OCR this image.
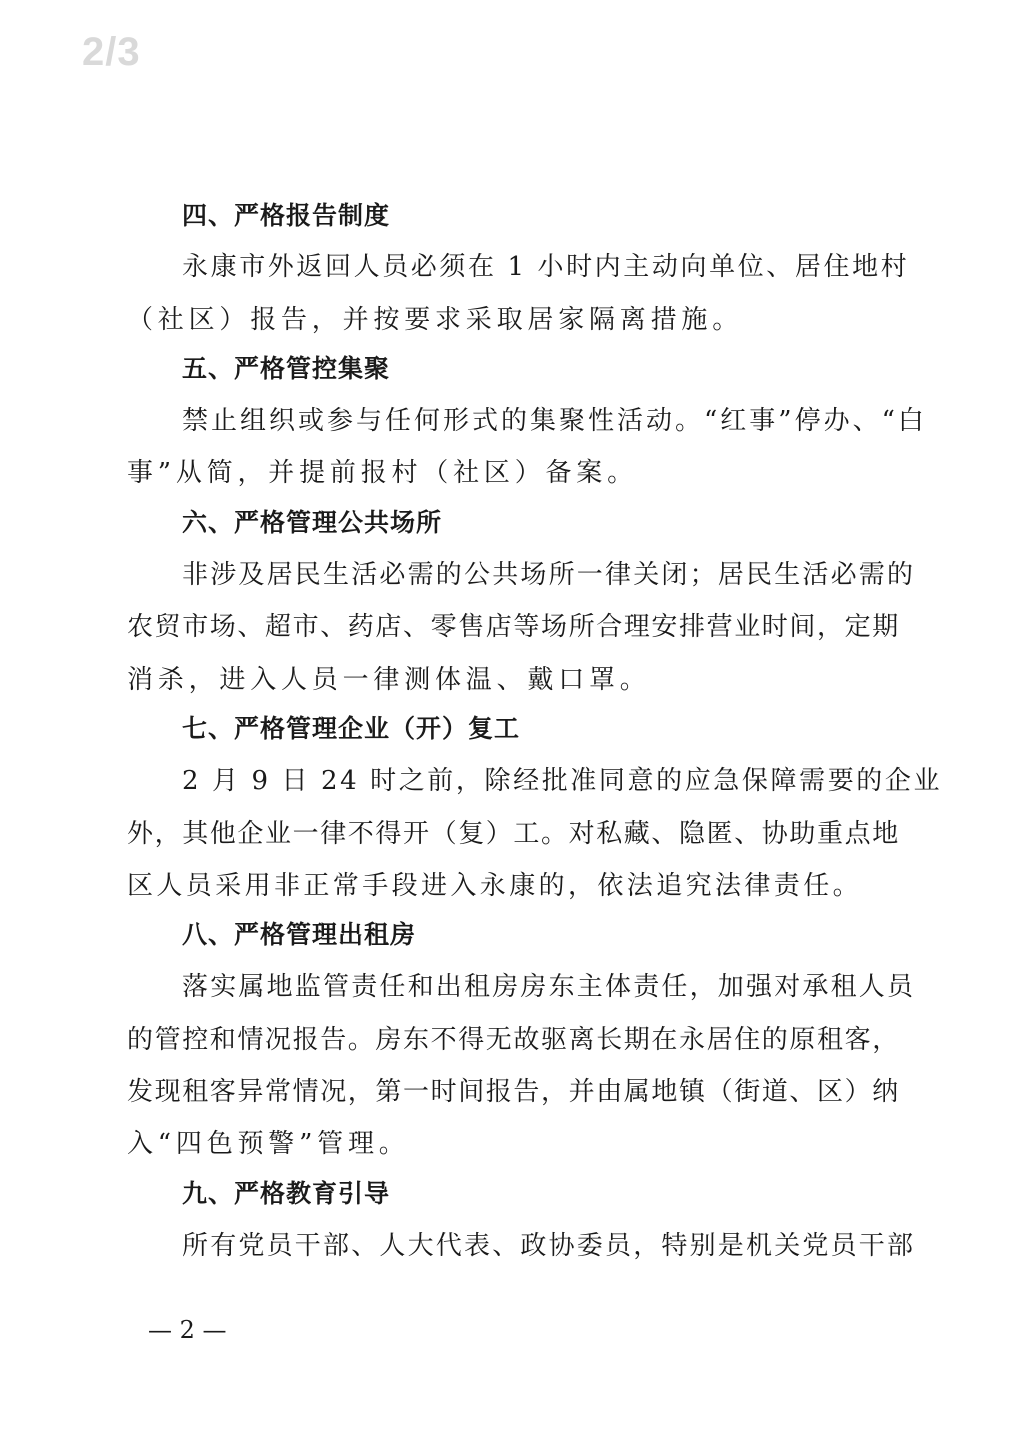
2/3
四、严格报告制度
永康市外返回人员必须在 1 小时内主动向单位、居住地村
（社区）报告，并按要求采取居家隔离措施。
五、严格管控集聚
禁止组织或参与任何形式的集聚性活动。“红事”停办、“白
事”从简，并提前报村（社区）备案。
六、严格管理公共场所
非涉及居民生活必需的公共场所一律关闭；居民生活必需的
农贸市场、超市、药店、零售店等场所合理安排营业时间，定期
消杀，进入人员一律测体温、戴口罩。
七、严格管理企业（开）复工
2 月 9 日 24 时之前，除经批准同意的应急保障需要的企业
外，其他企业一律不得开（复）工。对私藏、隐匿、协助重点地
区人员采用非正常手段进入永康的，依法追究法律责任。
八、严格管理出租房
落实属地监管责任和出租房房东主体责任，加强对承租人员
的管控和情况报告。房东不得无故驱离长期在永居住的原租客，
发现租客异常情况，第一时间报告，并由属地镇（街道、区）纳
入“四色预警”管理。
九、严格教育引导
所有党员干部、人大代表、政协委员，特别是机关党员干部
— 2 —
